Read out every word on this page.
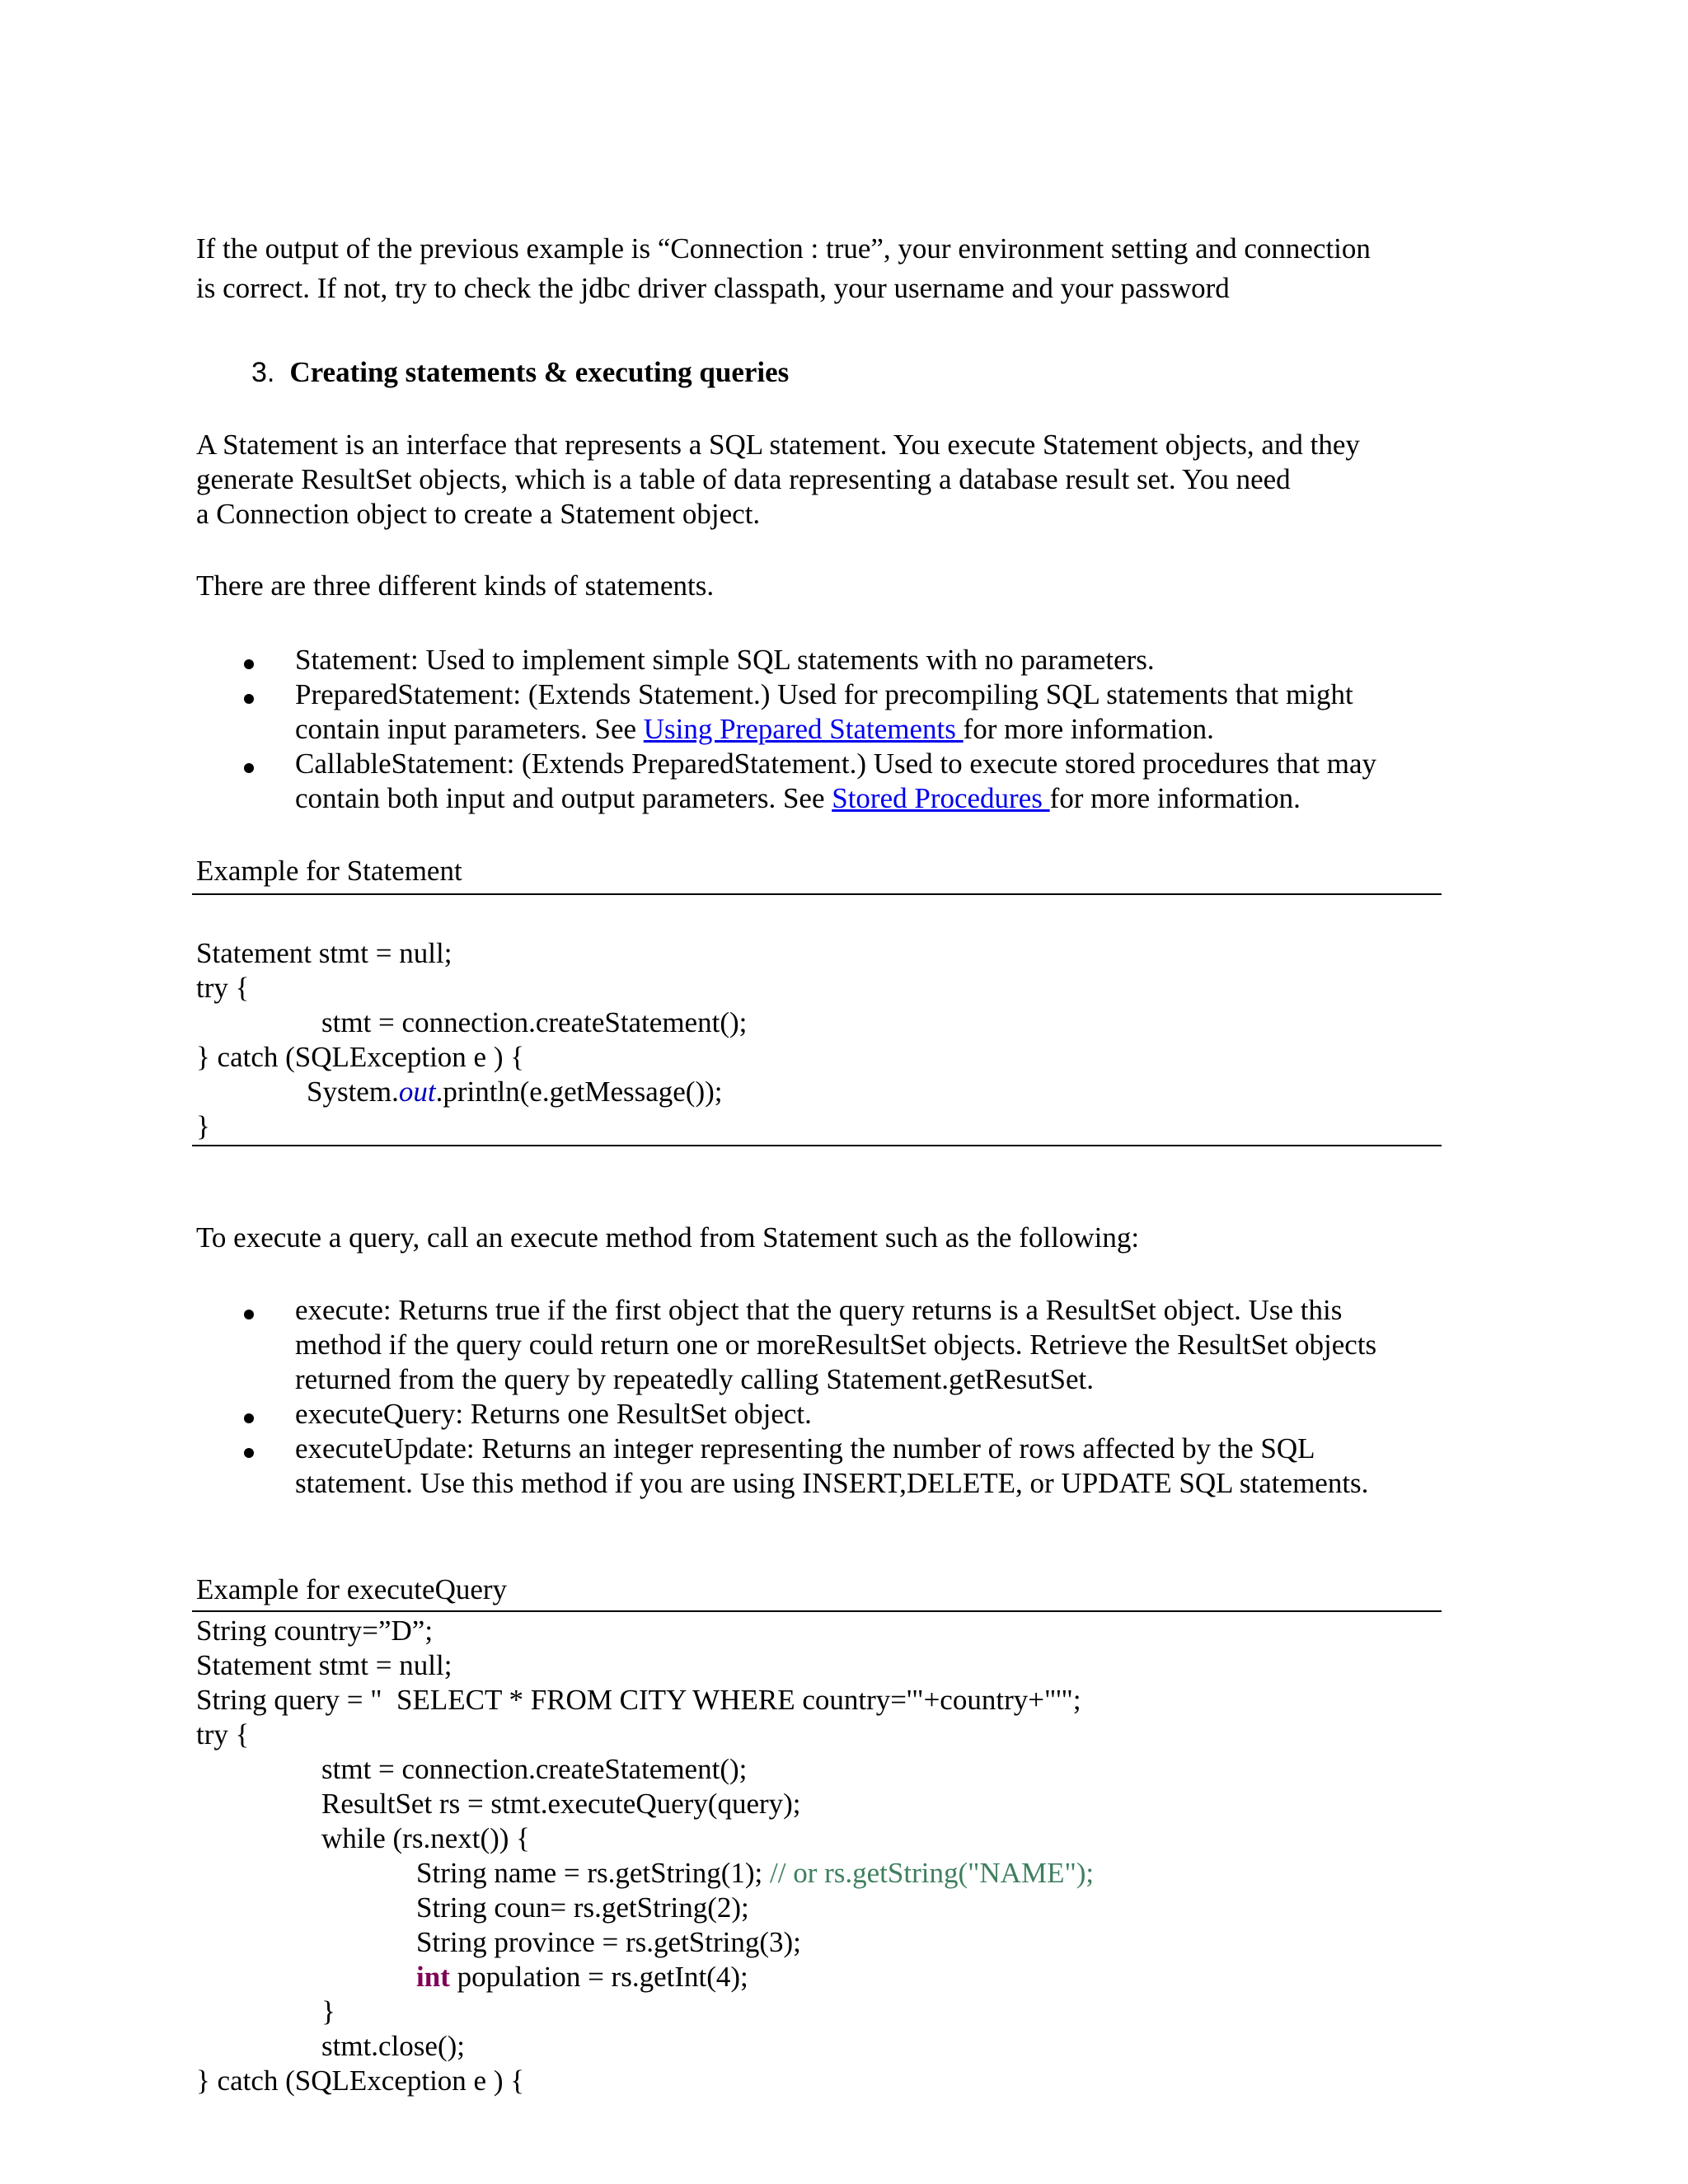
If the output of the previous example is “Connection : true”, your environment setting and connection
is correct. If not, try to check the jdbc driver classpath, your username and your password
3. Creating statements & executing queries
A Statement is an interface that represents a SQL statement. You execute Statement objects, and they
generate ResultSet objects, which is a table of data representing a database result set. You need
a Connection object to create a Statement object.
There are three different kinds of statements.
Statement: Used to implement simple SQL statements with no parameters.
PreparedStatement: (Extends Statement.) Used for precompiling SQL statements that might
contain input parameters. See Using Prepared Statements for more information.
CallableStatement: (Extends PreparedStatement.) Used to execute stored procedures that may
contain both input and output parameters. See Stored Procedures for more information.
Example for Statement
Statement stmt = null;
try {
stmt = connection.createStatement();
} catch (SQLException e ) {
System.out.println(e.getMessage());
}
To execute a query, call an execute method from Statement such as the following:
execute: Returns true if the first object that the query returns is a ResultSet object. Use this
method if the query could return one or moreResultSet objects. Retrieve the ResultSet objects
returned from the query by repeatedly calling Statement.getResutSet.
executeQuery: Returns one ResultSet object.
executeUpdate: Returns an integer representing the number of rows affected by the SQL
statement. Use this method if you are using INSERT,DELETE, or UPDATE SQL statements.
Example for executeQuery
String country=”D”;
Statement stmt = null;
String query = "  SELECT * FROM CITY WHERE country='"+country+"'";
try {
stmt = connection.createStatement();
ResultSet rs = stmt.executeQuery(query);
while (rs.next()) {
String name = rs.getString(1); // or rs.getString("NAME");
String coun= rs.getString(2);
String province = rs.getString(3);
int population = rs.getInt(4);
}
stmt.close();
} catch (SQLException e ) {
